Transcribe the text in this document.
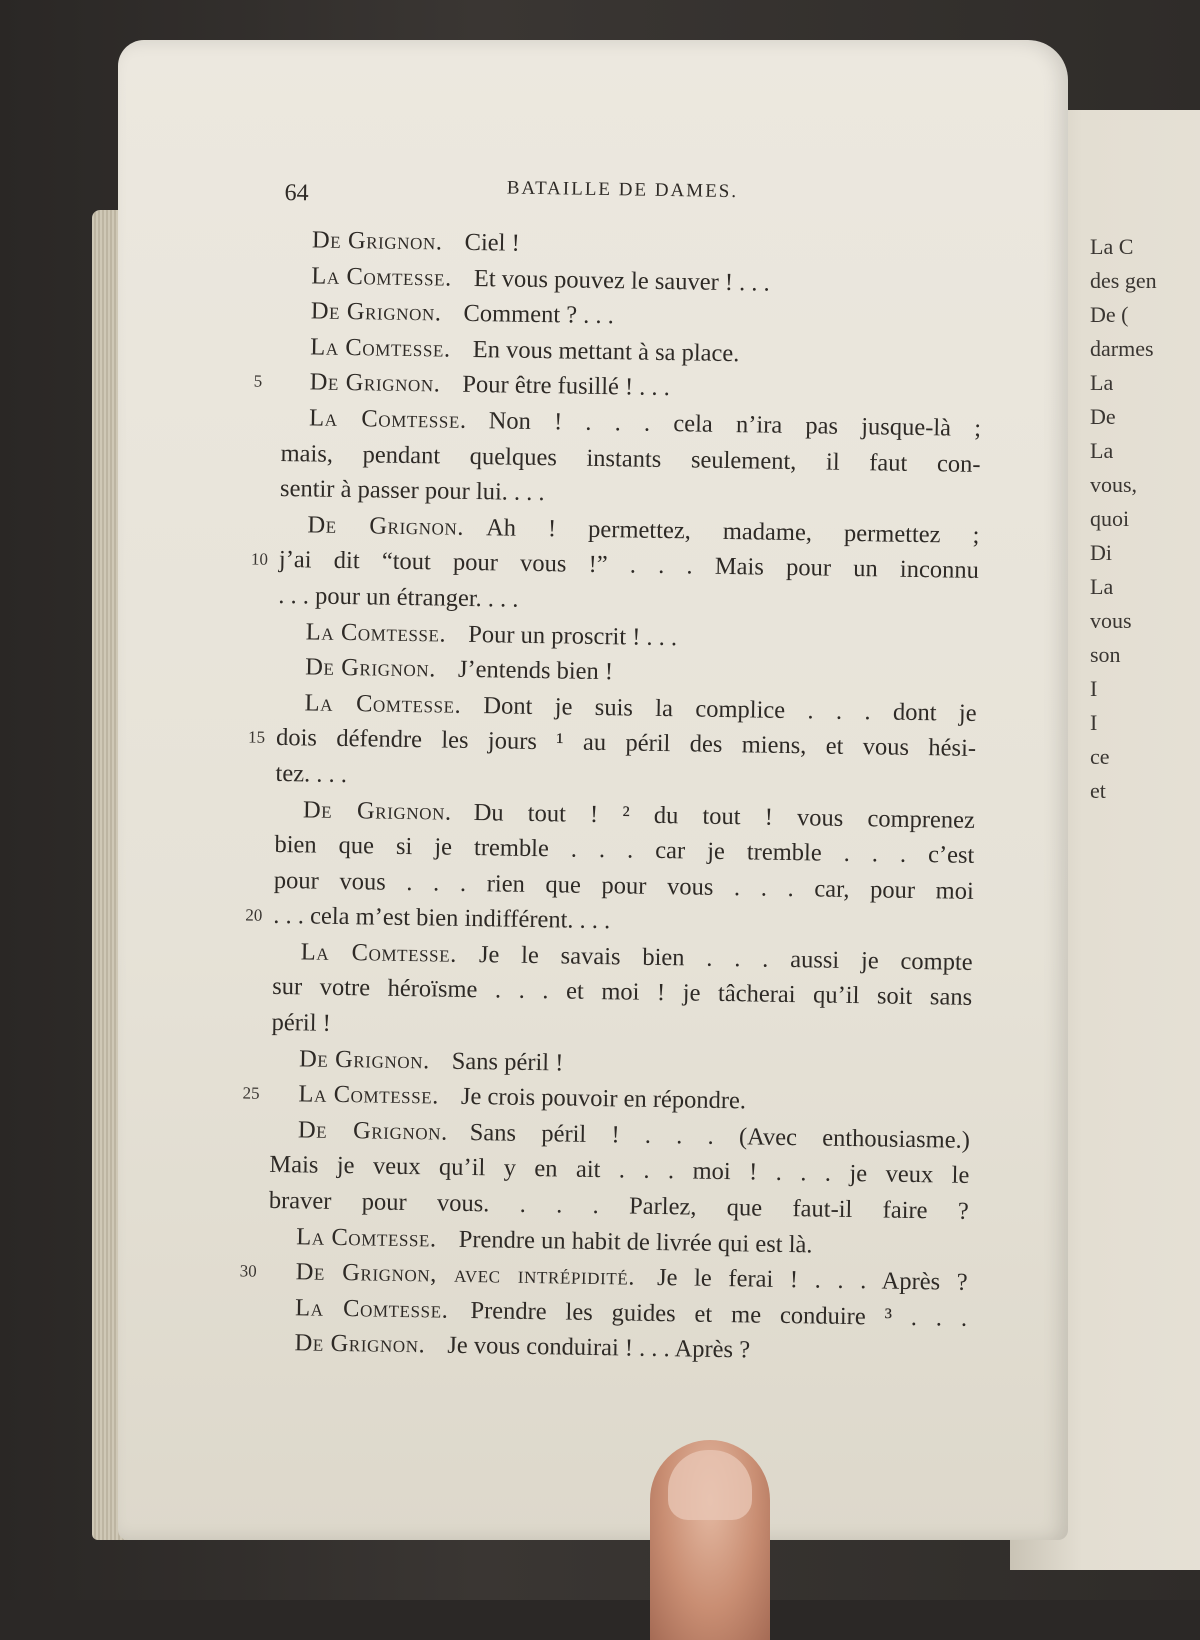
La C
des gen
De (
darmes
La
De
La
vous,
quoi
Di
La
vous
son
I
I
ce
et
64	BATAILLE DE DAMES.
De Grignon. Ciel !
La Comtesse. Et vous pouvez le sauver ! . . .
De Grignon. Comment ? . . .
La Comtesse. En vous mettant à sa place.
5	De Grignon. Pour être fusillé ! . . .
La Comtesse. Non ! . . . cela n’ira pas jusque-là ;
mais, pendant quelques instants seulement, il faut con-
sentir à passer pour lui. . . .
De Grignon. Ah ! permettez, madame, permettez ;
10 j’ai dit “tout pour vous !” . . . Mais pour un inconnu
. . . pour un étranger. . . .
La Comtesse. Pour un proscrit ! . . .
De Grignon. J’entends bien !
La Comtesse. Dont je suis la complice . . . dont je
15 dois défendre les jours ¹ au péril des miens, et vous hési-
tez. . . .
De Grignon. Du tout ! ² du tout ! vous comprenez
bien que si je tremble . . . car je tremble . . . c’est
pour vous . . . rien que pour vous . . . car, pour moi
20 . . . cela m’est bien indifférent. . . .
La Comtesse. Je le savais bien . . . aussi je compte
sur votre héroïsme . . . et moi ! je tâcherai qu’il soit sans
péril !
De Grignon. Sans péril !
25 La Comtesse. Je crois pouvoir en répondre.
De Grignon. Sans péril ! . . . (Avec enthousiasme.)
Mais je veux qu’il y en ait . . . moi ! . . . je veux le
braver pour vous. . . . Parlez, que faut-il faire ?
La Comtesse. Prendre un habit de livrée qui est là.
30 De Grignon, avec intrépidité. Je le ferai ! . . . Après ?
La Comtesse. Prendre les guides et me conduire ³ . . .
De Grignon. Je vous conduirai ! . . . Après ?
